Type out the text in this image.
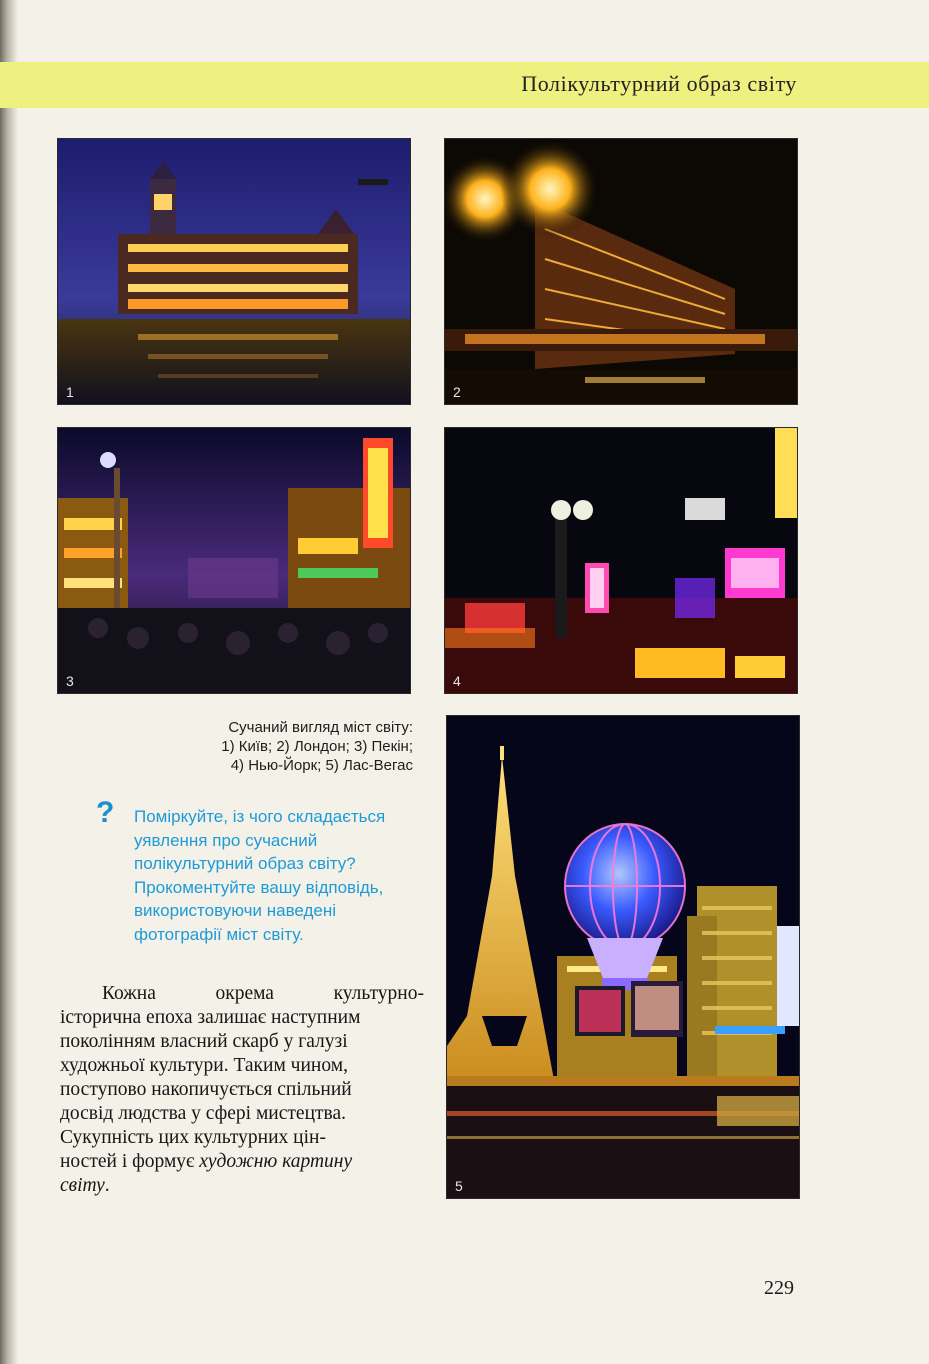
Полікультурний образ світу
1	2
3	4
5
Сучаний вигляд міст світу:
1) Київ; 2) Лондон; 3) Пекін;
4) Нью-Йорк; 5) Лас-Вегас
? Поміркуйте, із чого складається
уявлення про сучасний
полікультурний образ світу?
Прокоментуйте вашу відповідь,
використовуючи наведені
фотографії міст світу.
Кожна	окрема	культурно-
історична епоха залишає наступним
поколінням власний скарб у галузі
художньої культури. Таким чином,
поступово накопичується спільний
досвід людства у сфері мистецтва.
Сукупність цих культурних цін-
ностей і формує художню картину
світу.
229
